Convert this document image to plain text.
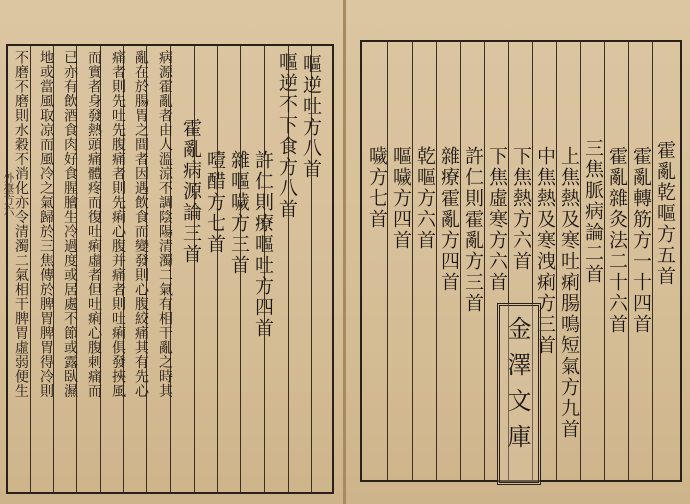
病源霍亂者由人溫涼不調陰陽清濁二氣有相干亂之時其
亂在於腸胃之間者因遇飲食而變發則心腹絞痛其有先心
痛者則先吐先腹痛者則先痢心腹并痛者則吐痢俱發挾風
而實者身發熱頭痛體疼而復吐痢虛者但吐痢心腹刺痛而
已亦有飲酒食肉好食腥膾生冷過度或居處不節或露臥濕
地或當風取凉而風冷之氣歸於三焦傳於脾胃脾胃得冷則
不磨不磨則水穀不消化亦令清濁二氣相干脾胃虛弱便生	嘔逆吐方八首
嘔逆不下食方八首
許仁則療嘔吐方四首
雜嘔噦方三首
噎醋方七首
霍亂病源論三首
外臺方六	霍亂乾嘔方五首
霍亂轉筋方一十四首
霍亂雜灸法二十六首
三焦脈病論二首
上焦熱及寒吐痢腸鳴短氣方九首
中焦熱及寒洩痢方三首
下焦熱方六首
下焦虛寒方六首
許仁則霍亂方三首
雜療霍亂方四首
乾嘔方六首
嘔噦方四首
噦方七首
金澤文庫
